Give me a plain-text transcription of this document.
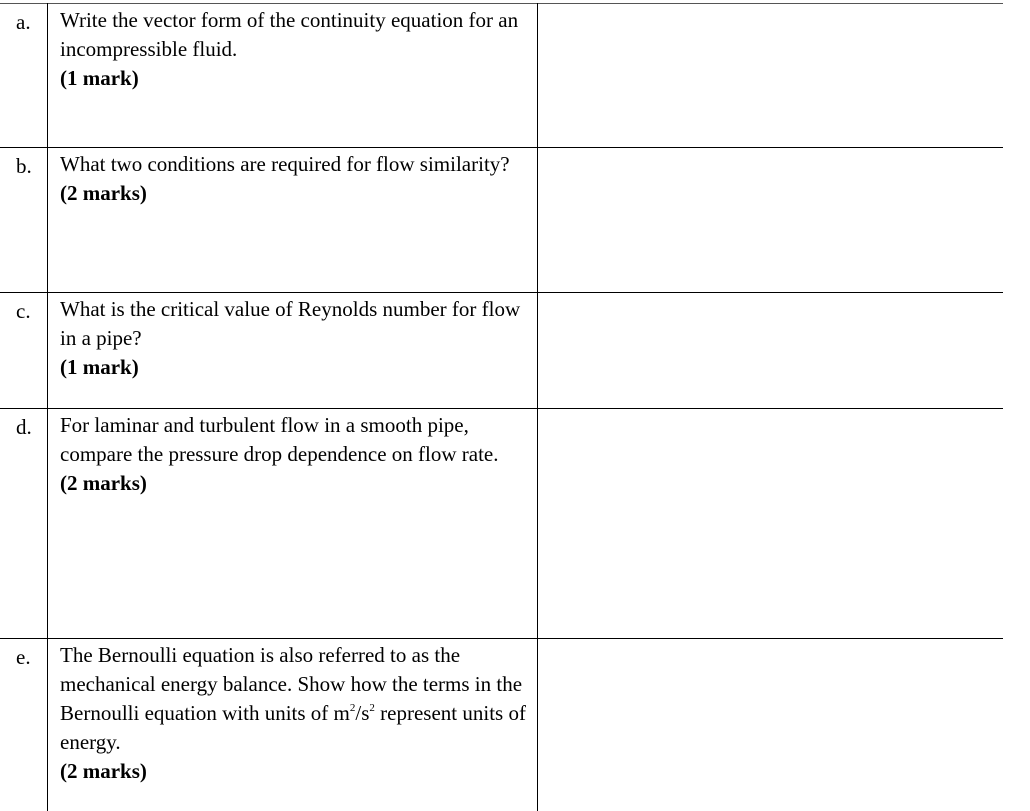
a.	Write the vector form of the continuity equation for an incompressible fluid.
(1 mark)	

b.	What two conditions are required for flow similarity?
(2 marks)	

c.	What is the critical value of Reynolds number for flow in a pipe?
(1 mark)	

d.	For laminar and turbulent flow in a smooth pipe, compare the pressure drop dependence on flow rate.
(2 marks)	

e.	The Bernoulli equation is also referred to as the mechanical energy balance. Show how the terms in the Bernoulli equation with units of $m^2/s^2$ represent units of energy.
(2 marks)	
